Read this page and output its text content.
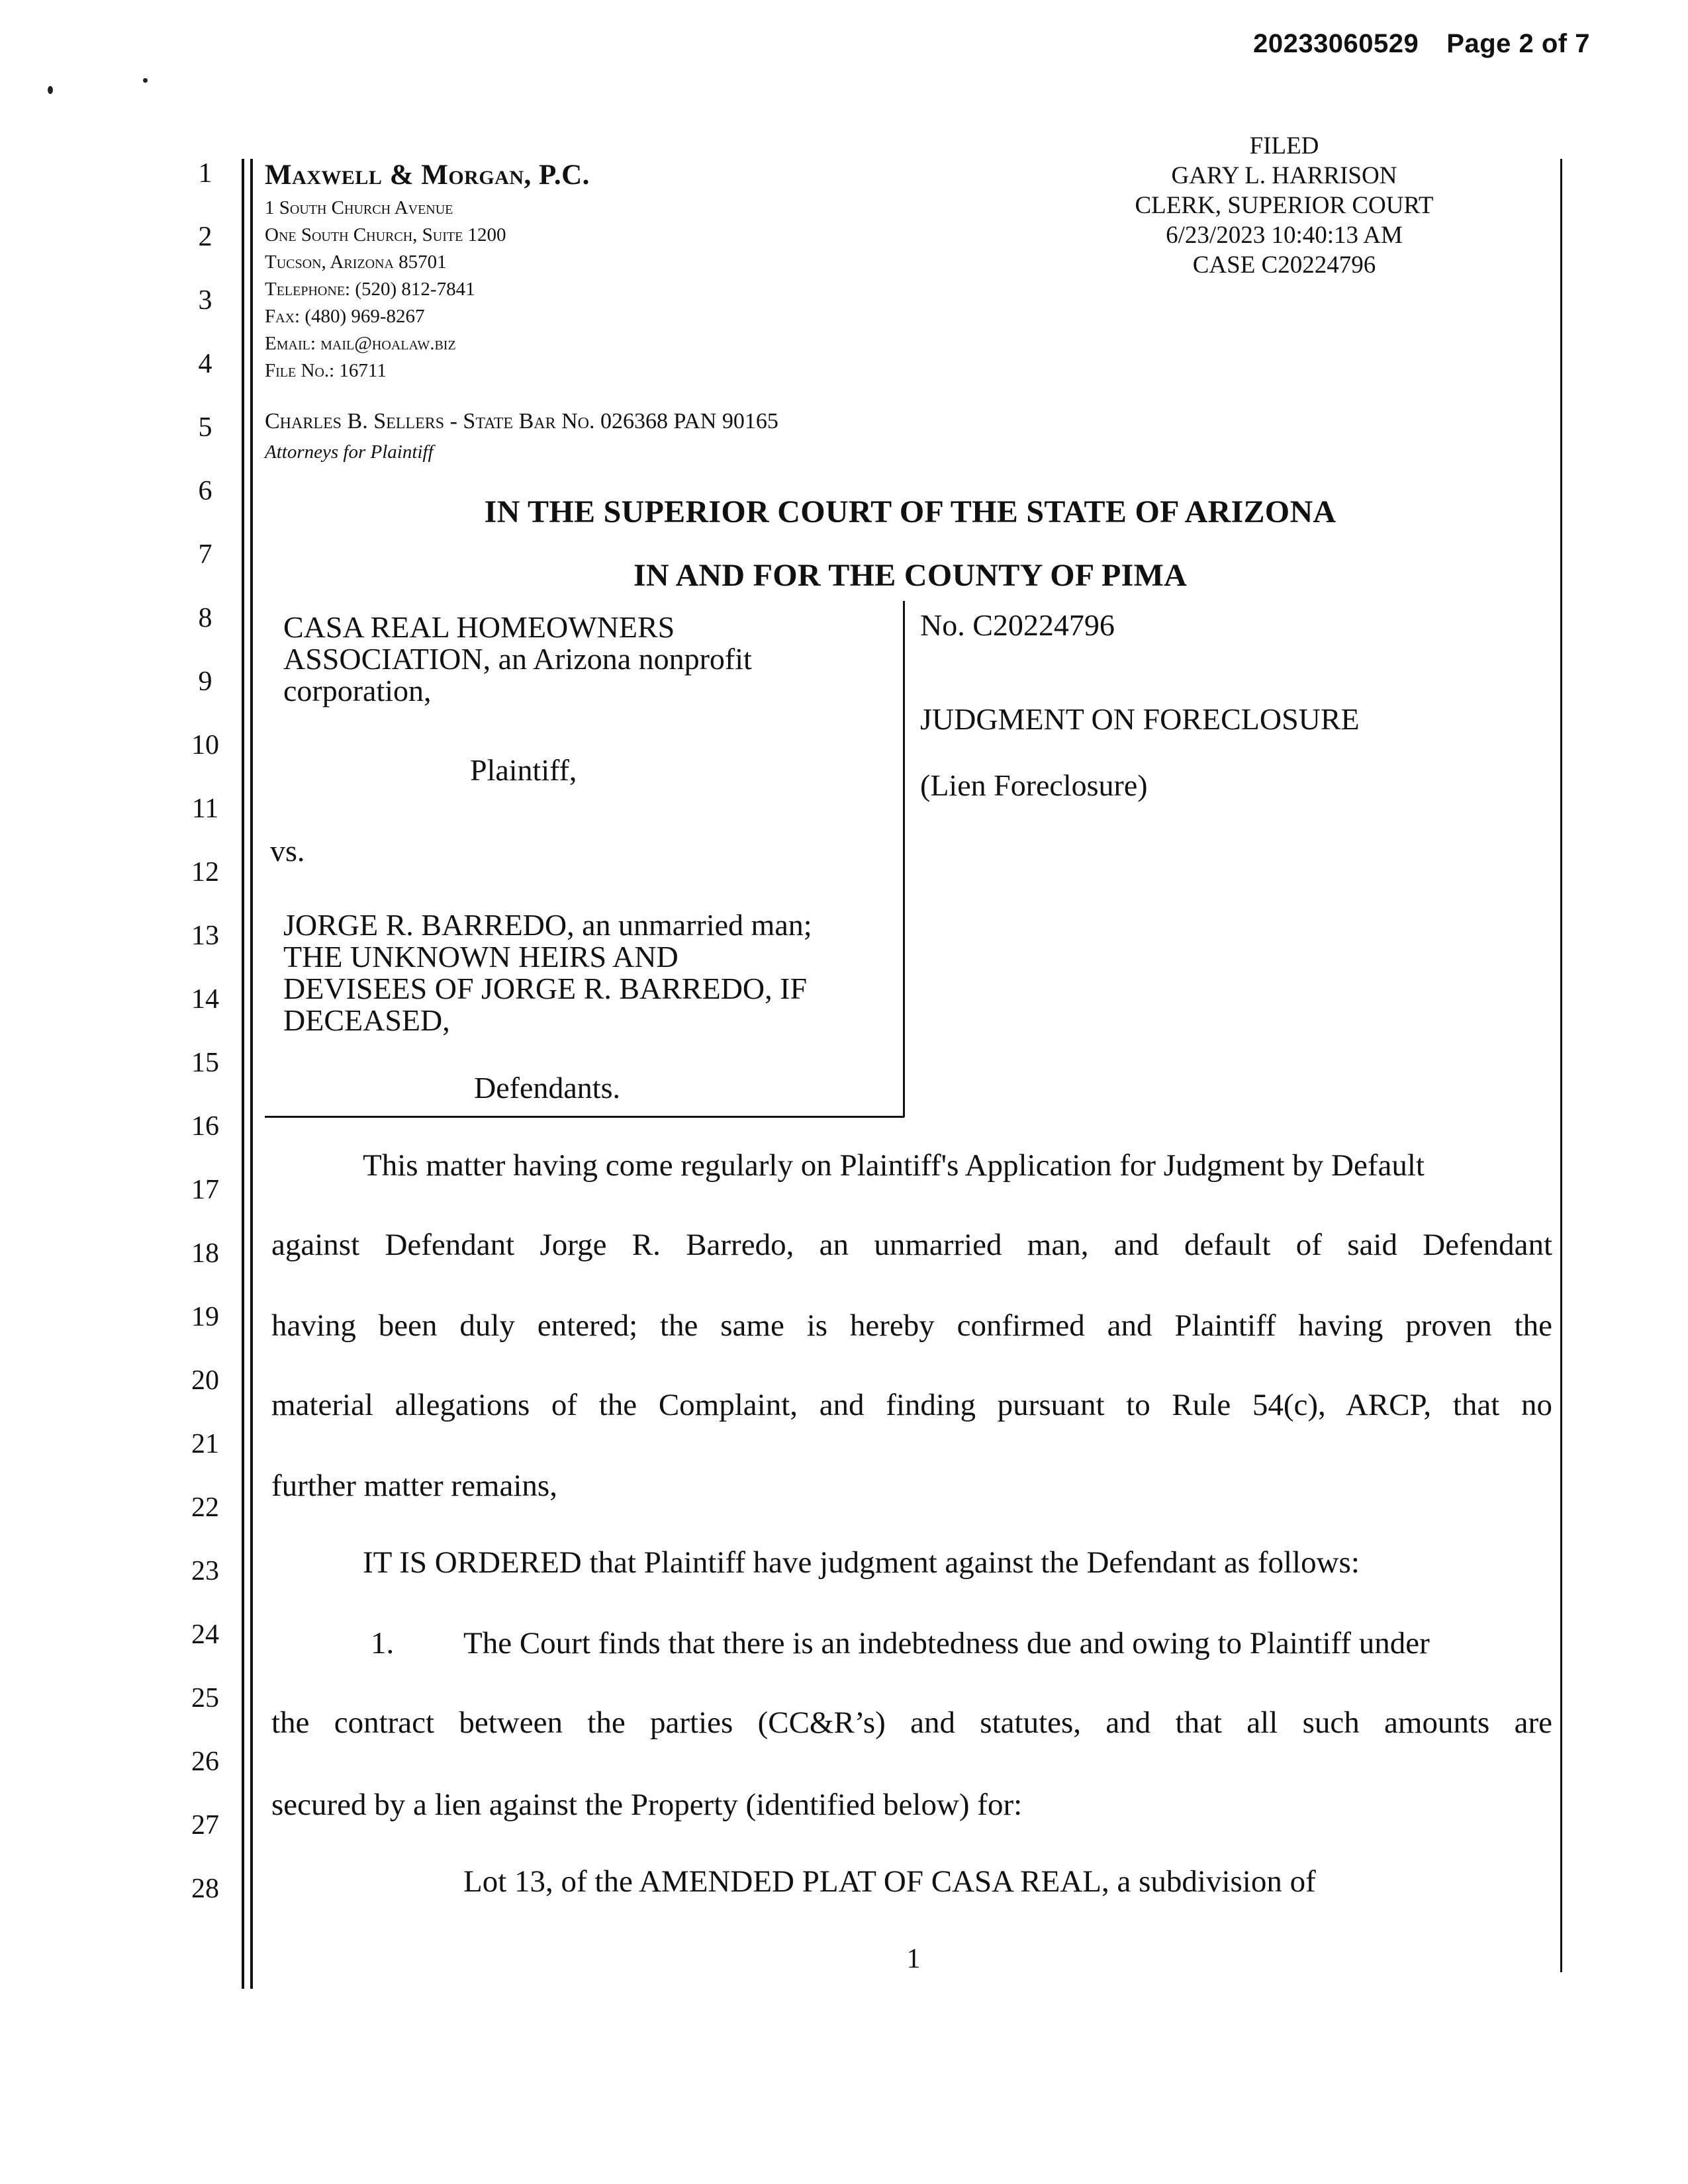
20233060529 Page 2 of 7
1
2
3
4
5
6
7
8
9
10
11
12
13
14
15
16
17
18
19
20
21
22
23
24
25
26
27
28
Maxwell & Morgan, P.C.
1 South Church Avenue
One South Church, Suite 1200
Tucson, Arizona 85701
Telephone: (520) 812-7841
Fax: (480) 969-8267
Email: mail@hoalaw.biz
File No.: 16711
Charles B. Sellers - State Bar No. 026368 PAN 90165
Attorneys for Plaintiff
FILED
GARY L. HARRISON
CLERK, SUPERIOR COURT
6/23/2023 10:40:13 AM
CASE C20224796
IN THE SUPERIOR COURT OF THE STATE OF ARIZONA
IN AND FOR THE COUNTY OF PIMA
CASA REAL HOMEOWNERS
ASSOCIATION, an Arizona nonprofit
corporation,
Plaintiff,
vs.
JORGE R. BARREDO, an unmarried man;
THE UNKNOWN HEIRS AND
DEVISEES OF JORGE R. BARREDO, IF
DECEASED,
Defendants.
No. C20224796
JUDGMENT ON FORECLOSURE
(Lien Foreclosure)
This matter having come regularly on Plaintiff's Application for Judgment by Default
against Defendant Jorge R. Barredo, an unmarried man, and default of said Defendant
having been duly entered; the same is hereby confirmed and Plaintiff having proven the
material allegations of the Complaint, and finding pursuant to Rule 54(c), ARCP, that no
further matter remains,
IT IS ORDERED that Plaintiff have judgment against the Defendant as follows:
1.	The Court finds that there is an indebtedness due and owing to Plaintiff under
the contract between the parties (CC&R’s) and statutes, and that all such amounts are
secured by a lien against the Property (identified below) for:
Lot 13, of the AMENDED PLAT OF CASA REAL, a subdivision of
1
